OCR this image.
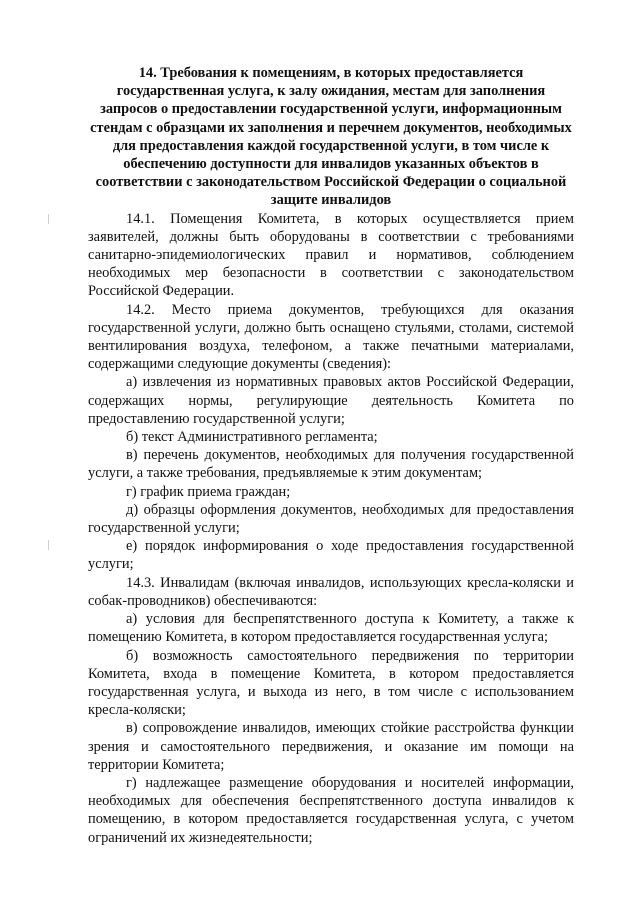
14. Требования к помещениям, в которых предоставляется государственная услуга, к залу ожидания, местам для заполнения запросов о предоставлении государственной услуги, информационным стендам с образцами их заполнения и перечнем документов, необходимых для предоставления каждой государственной услуги, в том числе к обеспечению доступности для инвалидов указанных объектов в соответствии с законодательством Российской Федерации о социальной защите инвалидов

14.1. Помещения Комитета, в которых осуществляется прием заявителей, должны быть оборудованы в соответствии с требованиями санитарно-эпидемиологических правил и нормативов, соблюдением необходимых мер безопасности в соответствии с законодательством Российской Федерации.

14.2. Место приема документов, требующихся для оказания государственной услуги, должно быть оснащено стульями, столами, системой вентилирования воздуха, телефоном, а также печатными материалами, содержащими следующие документы (сведения):

а) извлечения из нормативных правовых актов Российской Федерации, содержащих нормы, регулирующие деятельность Комитета по предоставлению государственной услуги;

б) текст Административного регламента;

в) перечень документов, необходимых для получения государственной услуги, а также требования, предъявляемые к этим документам;

г) график приема граждан;

д) образцы оформления документов, необходимых для предоставления государственной услуги;

е) порядок информирования о ходе предоставления государственной услуги;

14.3. Инвалидам (включая инвалидов, использующих кресла-коляски и собак-проводников) обеспечиваются:

а) условия для беспрепятственного доступа к Комитету, а также к помещению Комитета, в котором предоставляется государственная услуга;

б) возможность самостоятельного передвижения по территории Комитета, входа в помещение Комитета, в котором предоставляется государственная услуга, и выхода из него, в том числе с использованием кресла-коляски;

в) сопровождение инвалидов, имеющих стойкие расстройства функции зрения и самостоятельного передвижения, и оказание им помощи на территории Комитета;

г) надлежащее размещение оборудования и носителей информации, необходимых для обеспечения беспрепятственного доступа инвалидов к помещению, в котором предоставляется государственная услуга, с учетом ограничений их жизнедеятельности;
